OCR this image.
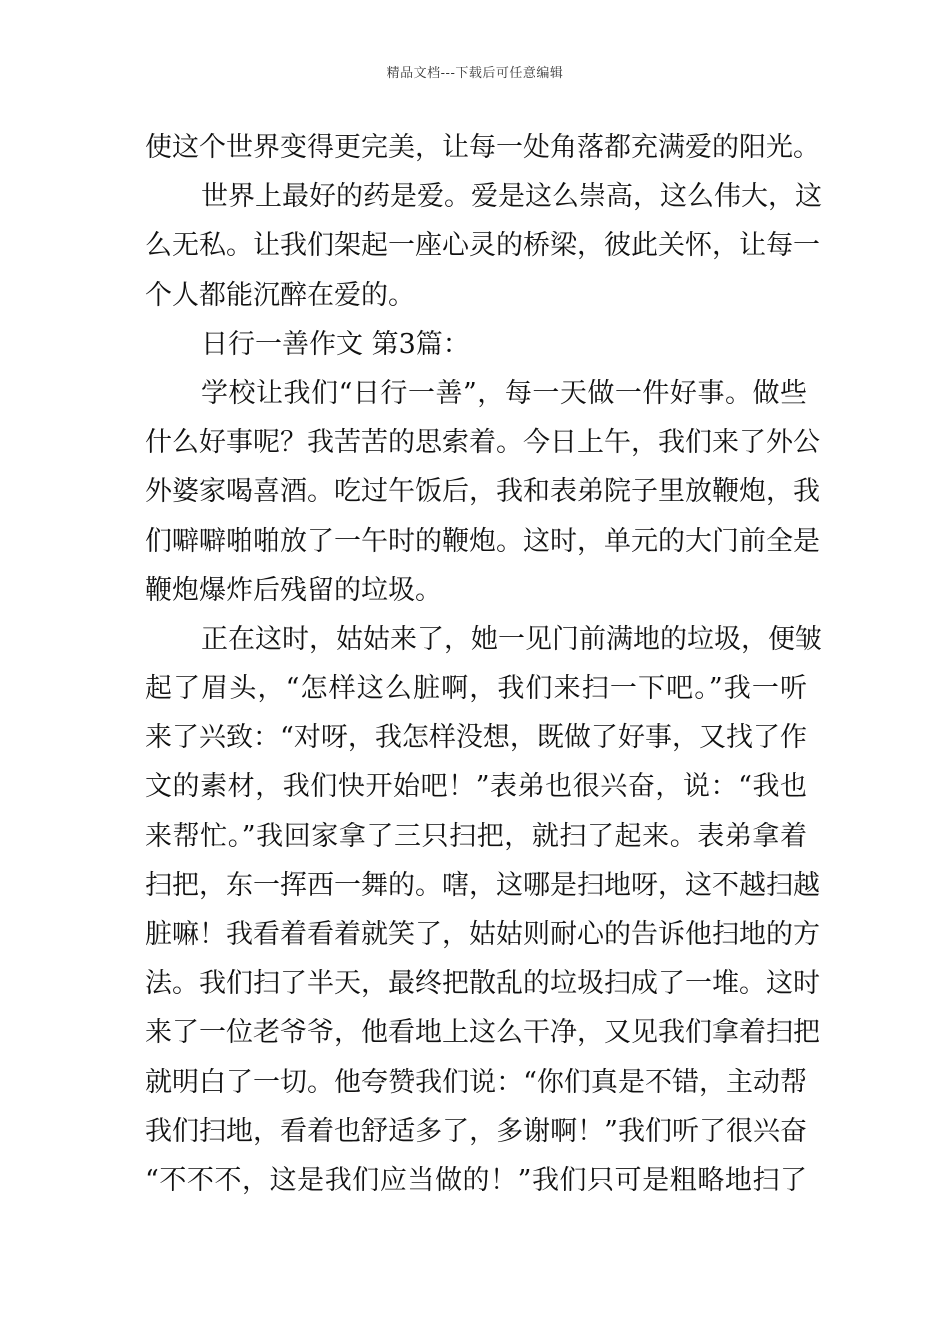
精品文档---下载后可任意编辑
使这个世界变得更完美，让每一处角落都充满爱的阳光。
世界上最好的药是爱。爱是这么崇高，这么伟大，这
么无私。让我们架起一座心灵的桥梁，彼此关怀，让每一
个人都能沉醉在爱的。
日行一善作文 第3篇：
学校让我们“日行一善”，每一天做一件好事。做些
什么好事呢？我苦苦的思索着。今日上午，我们来了外公
外婆家喝喜酒。吃过午饭后，我和表弟院子里放鞭炮，我
们噼噼啪啪放了一午时的鞭炮。这时，单元的大门前全是
鞭炮爆炸后残留的垃圾。
正在这时，姑姑来了，她一见门前满地的垃圾，便皱
起了眉头，“怎样这么脏啊，我们来扫一下吧。”我一听
来了兴致：“对呀，我怎样没想，既做了好事，又找了作
文的素材，我们快开始吧！”表弟也很兴奋，说：“我也
来帮忙。”我回家拿了三只扫把，就扫了起来。表弟拿着
扫把，东一挥西一舞的。嗐，这哪是扫地呀，这不越扫越
脏嘛！我看着看着就笑了，姑姑则耐心的告诉他扫地的方
法。我们扫了半天，最终把散乱的垃圾扫成了一堆。这时
来了一位老爷爷，他看地上这么干净，又见我们拿着扫把
就明白了一切。他夸赞我们说：“你们真是不错，主动帮
我们扫地，看着也舒适多了，多谢啊！”我们听了很兴奋
“不不不，这是我们应当做的！”我们只可是粗略地扫了
